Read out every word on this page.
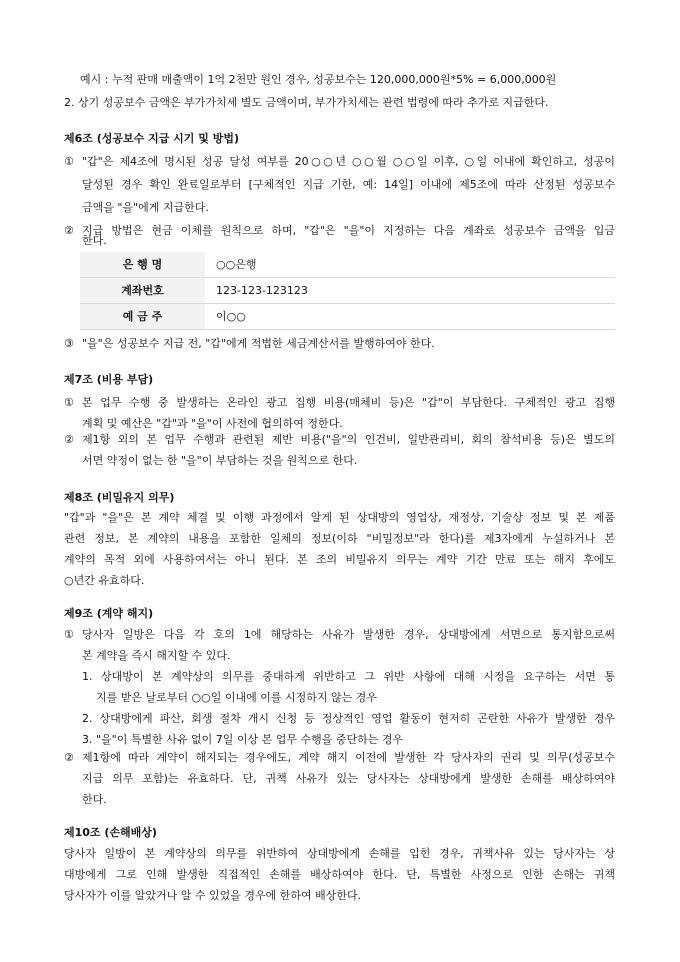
예시 : 누적 판매 매출액이 1억 2천만 원인 경우, 성공보수는 120,000,000원*5% = 6,000,000원
2. 상기 성공보수 금액은 부가가치세 별도 금액이며, 부가가치세는 관련 법령에 따라 추가로 지급한다.
제6조 (성공보수 지급 시기 및 방법)
① "갑"은 제4조에 명시된 성공 달성 여부를 20○○년 ○○월 ○○일 이후, ○일 이내에 확인하고, 성공이
달성된 경우 확인 완료일로부터 [구체적인 지급 기한, 예: 14일] 이내에 제5조에 따라 산정된 성공보수
금액을 "을"에게 지급한다.
② 지급 방법은 현금 이체를 원칙으로 하며, "갑"은 "을"이 지정하는 다음 계좌로 성공보수 금액을 입금
한다.
은 행 명	○○은행
계좌번호	123-123-123123
예 금 주	이○○
③ "을"은 성공보수 지급 전, "갑"에게 적법한 세금계산서를 발행하여야 한다.
제7조 (비용 부담)
① 본 업무 수행 중 발생하는 온라인 광고 집행 비용(매체비 등)은 "갑"이 부담한다. 구체적인 광고 집행
계획 및 예산은 "갑"과 "을"이 사전에 협의하여 정한다.
② 제1항 외의 본 업무 수행과 관련된 제반 비용("을"의 인건비, 일반관리비, 회의 참석비용 등)은 별도의
서면 약정이 없는 한 "을"이 부담하는 것을 원칙으로 한다.
제8조 (비밀유지 의무)
"갑"과 "을"은 본 계약 체결 및 이행 과정에서 알게 된 상대방의 영업상, 재정상, 기술상 정보 및 본 제품
관련 정보, 본 계약의 내용을 포함한 일체의 정보(이하 "비밀정보"라 한다)를 제3자에게 누설하거나 본
계약의 목적 외에 사용하여서는 아니 된다. 본 조의 비밀유지 의무는 계약 기간 만료 또는 해지 후에도
○년간 유효하다.
제9조 (계약 해지)
① 당사자 일방은 다음 각 호의 1에 해당하는 사유가 발생한 경우, 상대방에게 서면으로 통지함으로써
본 계약을 즉시 해지할 수 있다.
1. 상대방이 본 계약상의 의무를 중대하게 위반하고 그 위반 사항에 대해 시정을 요구하는 서면 통
지를 받은 날로부터 ○○일 이내에 이를 시정하지 않는 경우
2. 상대방에게 파산, 회생 절차 개시 신청 등 정상적인 영업 활동이 현저히 곤란한 사유가 발생한 경우
3. "을"이 특별한 사유 없이 7일 이상 본 업무 수행을 중단하는 경우
② 제1항에 따라 계약이 해지되는 경우에도, 계약 해지 이전에 발생한 각 당사자의 권리 및 의무(성공보수
지급 의무 포함)는 유효하다. 단, 귀책 사유가 있는 당사자는 상대방에게 발생한 손해를 배상하여야
한다.
제10조 (손해배상)
당사자 일방이 본 계약상의 의무를 위반하여 상대방에게 손해를 입힌 경우, 귀책사유 있는 당사자는 상
대방에게 그로 인해 발생한 직접적인 손해를 배상하여야 한다. 단, 특별한 사정으로 인한 손해는 귀책
당사자가 이를 알았거나 알 수 있었을 경우에 한하여 배상한다.
